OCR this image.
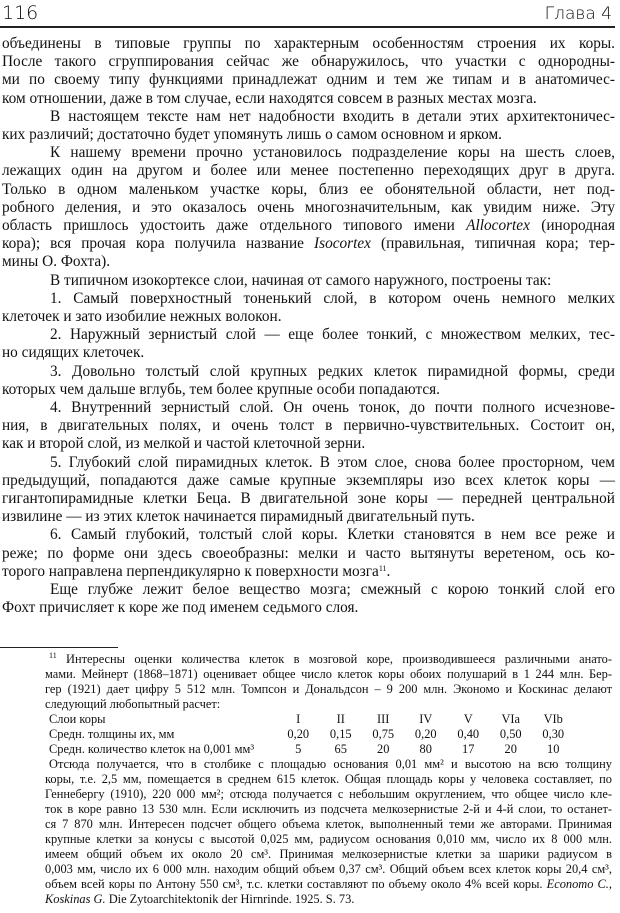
116	Глава 4
объединены в типовые группы по характерным особенностям строения их коры.
После такого сгруппирования сейчас же обнаружилось, что участки с однородны-
ми по своему типу функциями принадлежат одним и тем же типам и в анатомичес-
ком отношении, даже в том случае, если находятся совсем в разных местах мозга.
В настоящем тексте нам нет надобности входить в детали этих архитектоничес-
ких различий; достаточно будет упомянуть лишь о самом основном и ярком.
К нашему времени прочно установилось подразделение коры на шесть слоев,
лежащих один на другом и более или менее постепенно переходящих друг в друга.
Только в одном маленьком участке коры, близ ее обонятельной области, нет под-
робного деления, и это оказалось очень многозначительным, как увидим ниже. Эту
область пришлось удостоить даже отдельного типового имени Allocortex (инородная
кора); вся прочая кора получила название Isocortex (правильная, типичная кора; тер-
мины О. Фохта).
В типичном изокортексе слои, начиная от самого наружного, построены так:
1. Самый поверхностный тоненький слой, в котором очень немного мелких
клеточек и зато изобилие нежных волокон.
2. Наружный зернистый слой — еще более тонкий, с множеством мелких, тес-
но сидящих клеточек.
3. Довольно толстый слой крупных редких клеток пирамидной формы, среди
которых чем дальше вглубь, тем более крупные особи попадаются.
4. Внутренний зернистый слой. Он очень тонок, до почти полного исчезнове-
ния, в двигательных полях, и очень толст в первично-чувствительных. Состоит он,
как и второй слой, из мелкой и частой клеточной зерни.
5. Глубокий слой пирамидных клеток. В этом слое, снова более просторном, чем
предыдущий, попадаются даже самые крупные экземпляры изо всех клеток коры —
гигантопирамидные клетки Беца. В двигательной зоне коры — передней центральной
извилине — из этих клеток начинается пирамидный двигательный путь.
6. Самый глубокий, толстый слой коры. Клетки становятся в нем все реже и
реже; по форме они здесь своеобразны: мелки и часто вытянуты веретеном, ось ко-
торого направлена перпендикулярно к поверхности мозга$^{11}$.
Еще глубже лежит белое вещество мозга; смежный с корою тонкий слой его
Фохт причисляет к коре же под именем седьмого слоя.
$^{11}$ Интересны оценки количества клеток в мозговой коре, производившееся различными анато-
мами. Мейнерт (1868–1871) оценивает общее число клеток коры обоих полушарий в 1 244 млн. Бер-
гер (1921) дает цифру 5 512 млн. Томпсон и Дональдсон – 9 200 млн. Экономо и Коскинас делают
следующий любопытный расчет:
Слои коры	I	II	III	IV	V	VIa	VIb
Средн. толщины их, мм	0,20	0,15	0,75	0,20	0,40	0,50	0,30
Средн. количество клеток на 0,001 мм³	5	65	20	80	17	20	10
Отсюда получается, что в столбике с площадью основания 0,01 мм² и высотою на всю толщину
коры, т.е. 2,5 мм, помещается в среднем 615 клеток. Общая площадь коры у человека составляет, по
Геннебергу (1910), 220 000 мм²; отсюда получается с небольшим округлением, что общее число кле-
ток в коре равно 13 530 млн. Если исключить из подсчета мелкозернистые 2-й и 4-й слои, то останет-
ся 7 870 млн. Интересен подсчет общего объема клеток, выполненный теми же авторами. Принимая
крупные клетки за конусы с высотой 0,025 мм, радиусом основания 0,010 мм, число их 8 000 млн.
имеем общий объем их около 20 см³. Принимая мелкозернистые клетки за шарики радиусом в
0,003 мм, число их 6 000 млн. находим общий объем 0,37 см³. Общий объем всех клеток коры 20,4 см³,
объем всей коры по Антону 550 см³, т.с. клетки составляют по объему около 4% всей коры. Economo C.,
Koskinas G. Die Zytoarchitektonik der Hirnrinde. 1925. S. 73.
